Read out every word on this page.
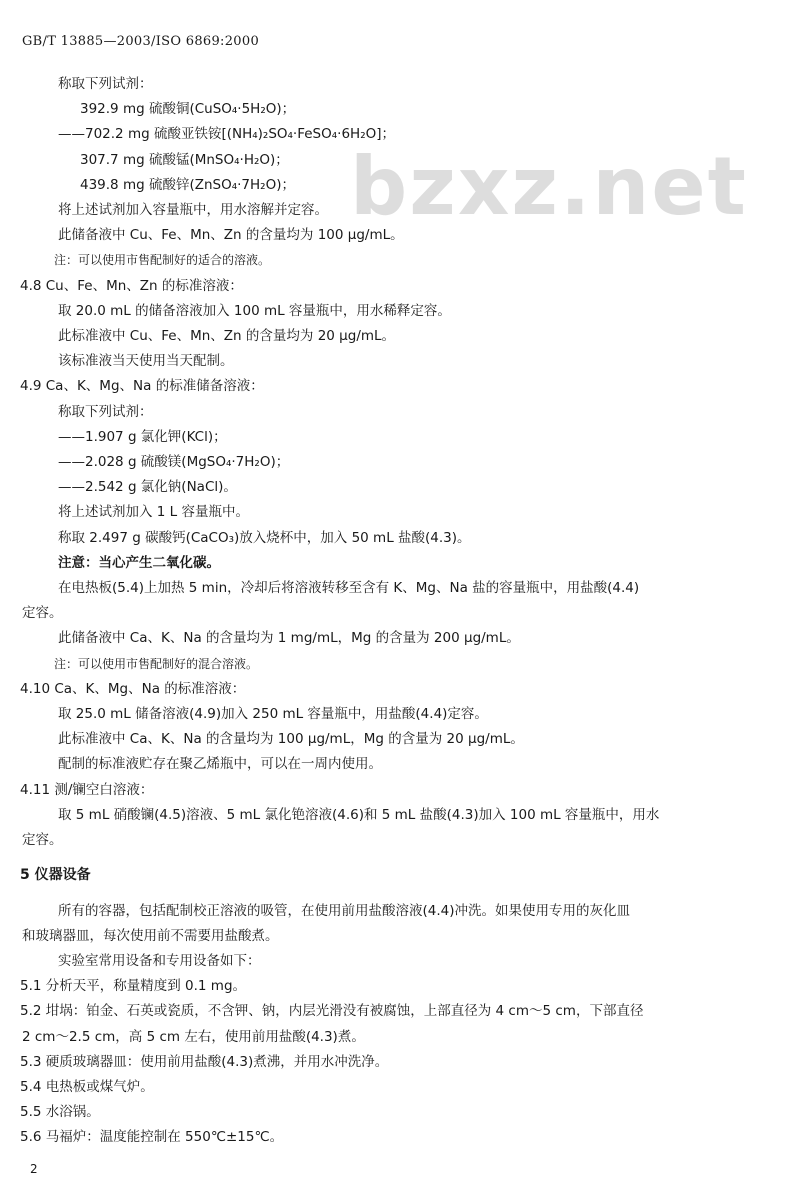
GB/T 13885—2003/ISO 6869:2000
bzxz.net
称取下列试剂：
392.9 mg 硫酸铜(CuSO₄·5H₂O)；
——702.2 mg 硫酸亚铁铵[(NH₄)₂SO₄·FeSO₄·6H₂O]；
307.7 mg 硫酸锰(MnSO₄·H₂O)；
439.8 mg 硫酸锌(ZnSO₄·7H₂O)；
将上述试剂加入容量瓶中，用水溶解并定容。
此储备液中 Cu、Fe、Mn、Zn 的含量均为 100 μg/mL。
注：可以使用市售配制好的适合的溶液。
4.8 Cu、Fe、Mn、Zn 的标准溶液：
取 20.0 mL 的储备溶液加入 100 mL 容量瓶中，用水稀释定容。
此标准液中 Cu、Fe、Mn、Zn 的含量均为 20 μg/mL。
该标准液当天使用当天配制。
4.9 Ca、K、Mg、Na 的标准储备溶液：
称取下列试剂：
——1.907 g 氯化钾(KCl)；
——2.028 g 硫酸镁(MgSO₄·7H₂O)；
——2.542 g 氯化钠(NaCl)。
将上述试剂加入 1 L 容量瓶中。
称取 2.497 g 碳酸钙(CaCO₃)放入烧杯中，加入 50 mL 盐酸(4.3)。
注意：当心产生二氧化碳。
在电热板(5.4)上加热 5 min，冷却后将溶液转移至含有 K、Mg、Na 盐的容量瓶中，用盐酸(4.4)
定容。
此储备液中 Ca、K、Na 的含量均为 1 mg/mL，Mg 的含量为 200 μg/mL。
注：可以使用市售配制好的混合溶液。
4.10 Ca、K、Mg、Na 的标准溶液：
取 25.0 mL 储备溶液(4.9)加入 250 mL 容量瓶中，用盐酸(4.4)定容。
此标准液中 Ca、K、Na 的含量均为 100 μg/mL，Mg 的含量为 20 μg/mL。
配制的标准液贮存在聚乙烯瓶中，可以在一周内使用。
4.11 测/镧空白溶液：
取 5 mL 硝酸镧(4.5)溶液、5 mL 氯化铯溶液(4.6)和 5 mL 盐酸(4.3)加入 100 mL 容量瓶中，用水
定容。
5 仪器设备
所有的容器，包括配制校正溶液的吸管，在使用前用盐酸溶液(4.4)冲洗。如果使用专用的灰化皿
和玻璃器皿，每次使用前不需要用盐酸煮。
实验室常用设备和专用设备如下：
5.1 分析天平，称量精度到 0.1 mg。
5.2 坩埚：铂金、石英或瓷质，不含钾、钠，内层光滑没有被腐蚀，上部直径为 4 cm～5 cm，下部直径
2 cm～2.5 cm，高 5 cm 左右，使用前用盐酸(4.3)煮。
5.3 硬质玻璃器皿：使用前用盐酸(4.3)煮沸，并用水冲洗净。
5.4 电热板或煤气炉。
5.5 水浴锅。
5.6 马福炉：温度能控制在 550℃±15℃。
2
